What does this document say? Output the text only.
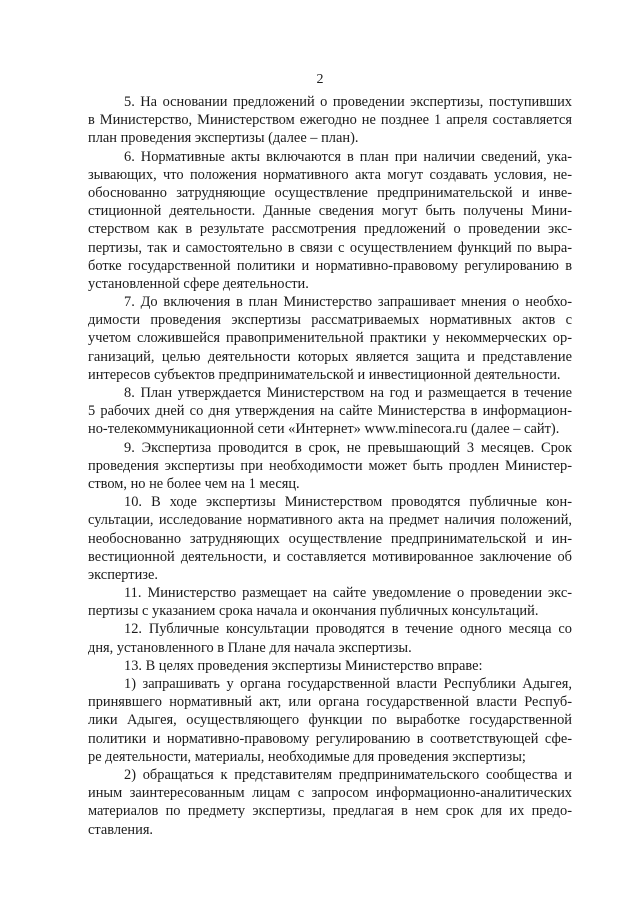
2
5. На основании предложений о проведении экспертизы, поступивших
в Министерство, Министерством ежегодно не позднее 1 апреля составляется
план проведения экспертизы (далее – план).
6. Нормативные акты включаются в план при наличии сведений, ука-
зывающих, что положения нормативного акта могут создавать условия, не-
обоснованно затрудняющие осуществление предпринимательской и инве-
стиционной деятельности. Данные сведения могут быть получены Мини-
стерством как в результате рассмотрения предложений о проведении экс-
пертизы, так и самостоятельно в связи с осуществлением функций по выра-
ботке государственной политики и нормативно-правовому регулированию в
установленной сфере деятельности.
7. До включения в план Министерство запрашивает мнения о необхо-
димости проведения экспертизы рассматриваемых нормативных актов с
учетом сложившейся правоприменительной практики у некоммерческих ор-
ганизаций, целью деятельности которых является защита и представление
интересов субъектов предпринимательской и инвестиционной деятельности.
8. План утверждается Министерством на год и размещается в течение
5 рабочих дней со дня утверждения на сайте Министерства в информацион-
но-телекоммуникационной сети «Интернет» www.minecora.ru (далее – сайт).
9. Экспертиза проводится в срок, не превышающий 3 месяцев. Срок
проведения экспертизы при необходимости может быть продлен Министер-
ством, но не более чем на 1 месяц.
10. В ходе экспертизы Министерством проводятся публичные кон-
сультации, исследование нормативного акта на предмет наличия положений,
необоснованно затрудняющих осуществление предпринимательской и ин-
вестиционной деятельности, и составляется мотивированное заключение об
экспертизе.
11. Министерство размещает на сайте уведомление о проведении экс-
пертизы с указанием срока начала и окончания публичных консультаций.
12. Публичные консультации проводятся в течение одного месяца со
дня, установленного в Плане для начала экспертизы.
13. В целях проведения экспертизы Министерство вправе:
1) запрашивать у органа государственной власти Республики Адыгея,
принявшего нормативный акт, или органа государственной власти Респуб-
лики Адыгея, осуществляющего функции по выработке государственной
политики и нормативно-правовому регулированию в соответствующей сфе-
ре деятельности, материалы, необходимые для проведения экспертизы;
2) обращаться к представителям предпринимательского сообщества и
иным заинтересованным лицам с запросом информационно-аналитических
материалов по предмету экспертизы, предлагая в нем срок для их предо-
ставления.
